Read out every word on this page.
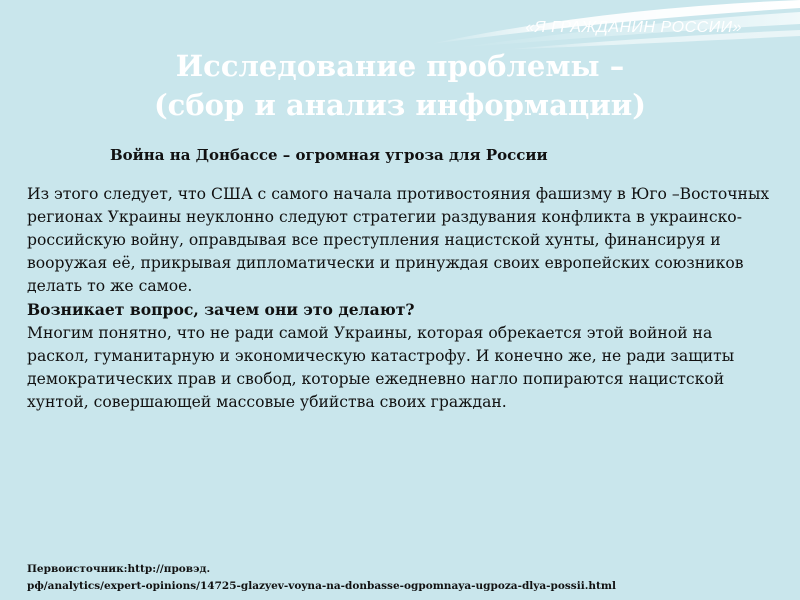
«Я ГРАЖДАНИН РОССИИ»
Исследование проблемы –
(сбор и анализ информации)
Война на Донбассе – огромная угроза для России

Из этого следует, что США с самого начала противостояния фашизму в Юго –Восточных регионах Украины неуклонно следуют стратегии раздувания конфликта в украинско-российскую войну, оправдывая все преступления нацистской хунты, финансируя и вооружая её, прикрывая дипломатически и принуждая своих европейских союзников делать то же самое.

Возникает вопрос, зачем они это делают?

Многим понятно, что не ради самой Украины, которая обрекается этой войной на раскол, гуманитарную и экономическую катастрофу. И конечно же, не ради защиты демократических прав и свобод, которые ежедневно нагло попираются нацистской хунтой, совершающей массовые убийства своих граждан.

Первоисточник:http://провэд.
рф/analytics/expert-opinions/14725-glazyev-voyna-na-donbasse-ogpomnaya-ugpoza-dlya-possii.html
